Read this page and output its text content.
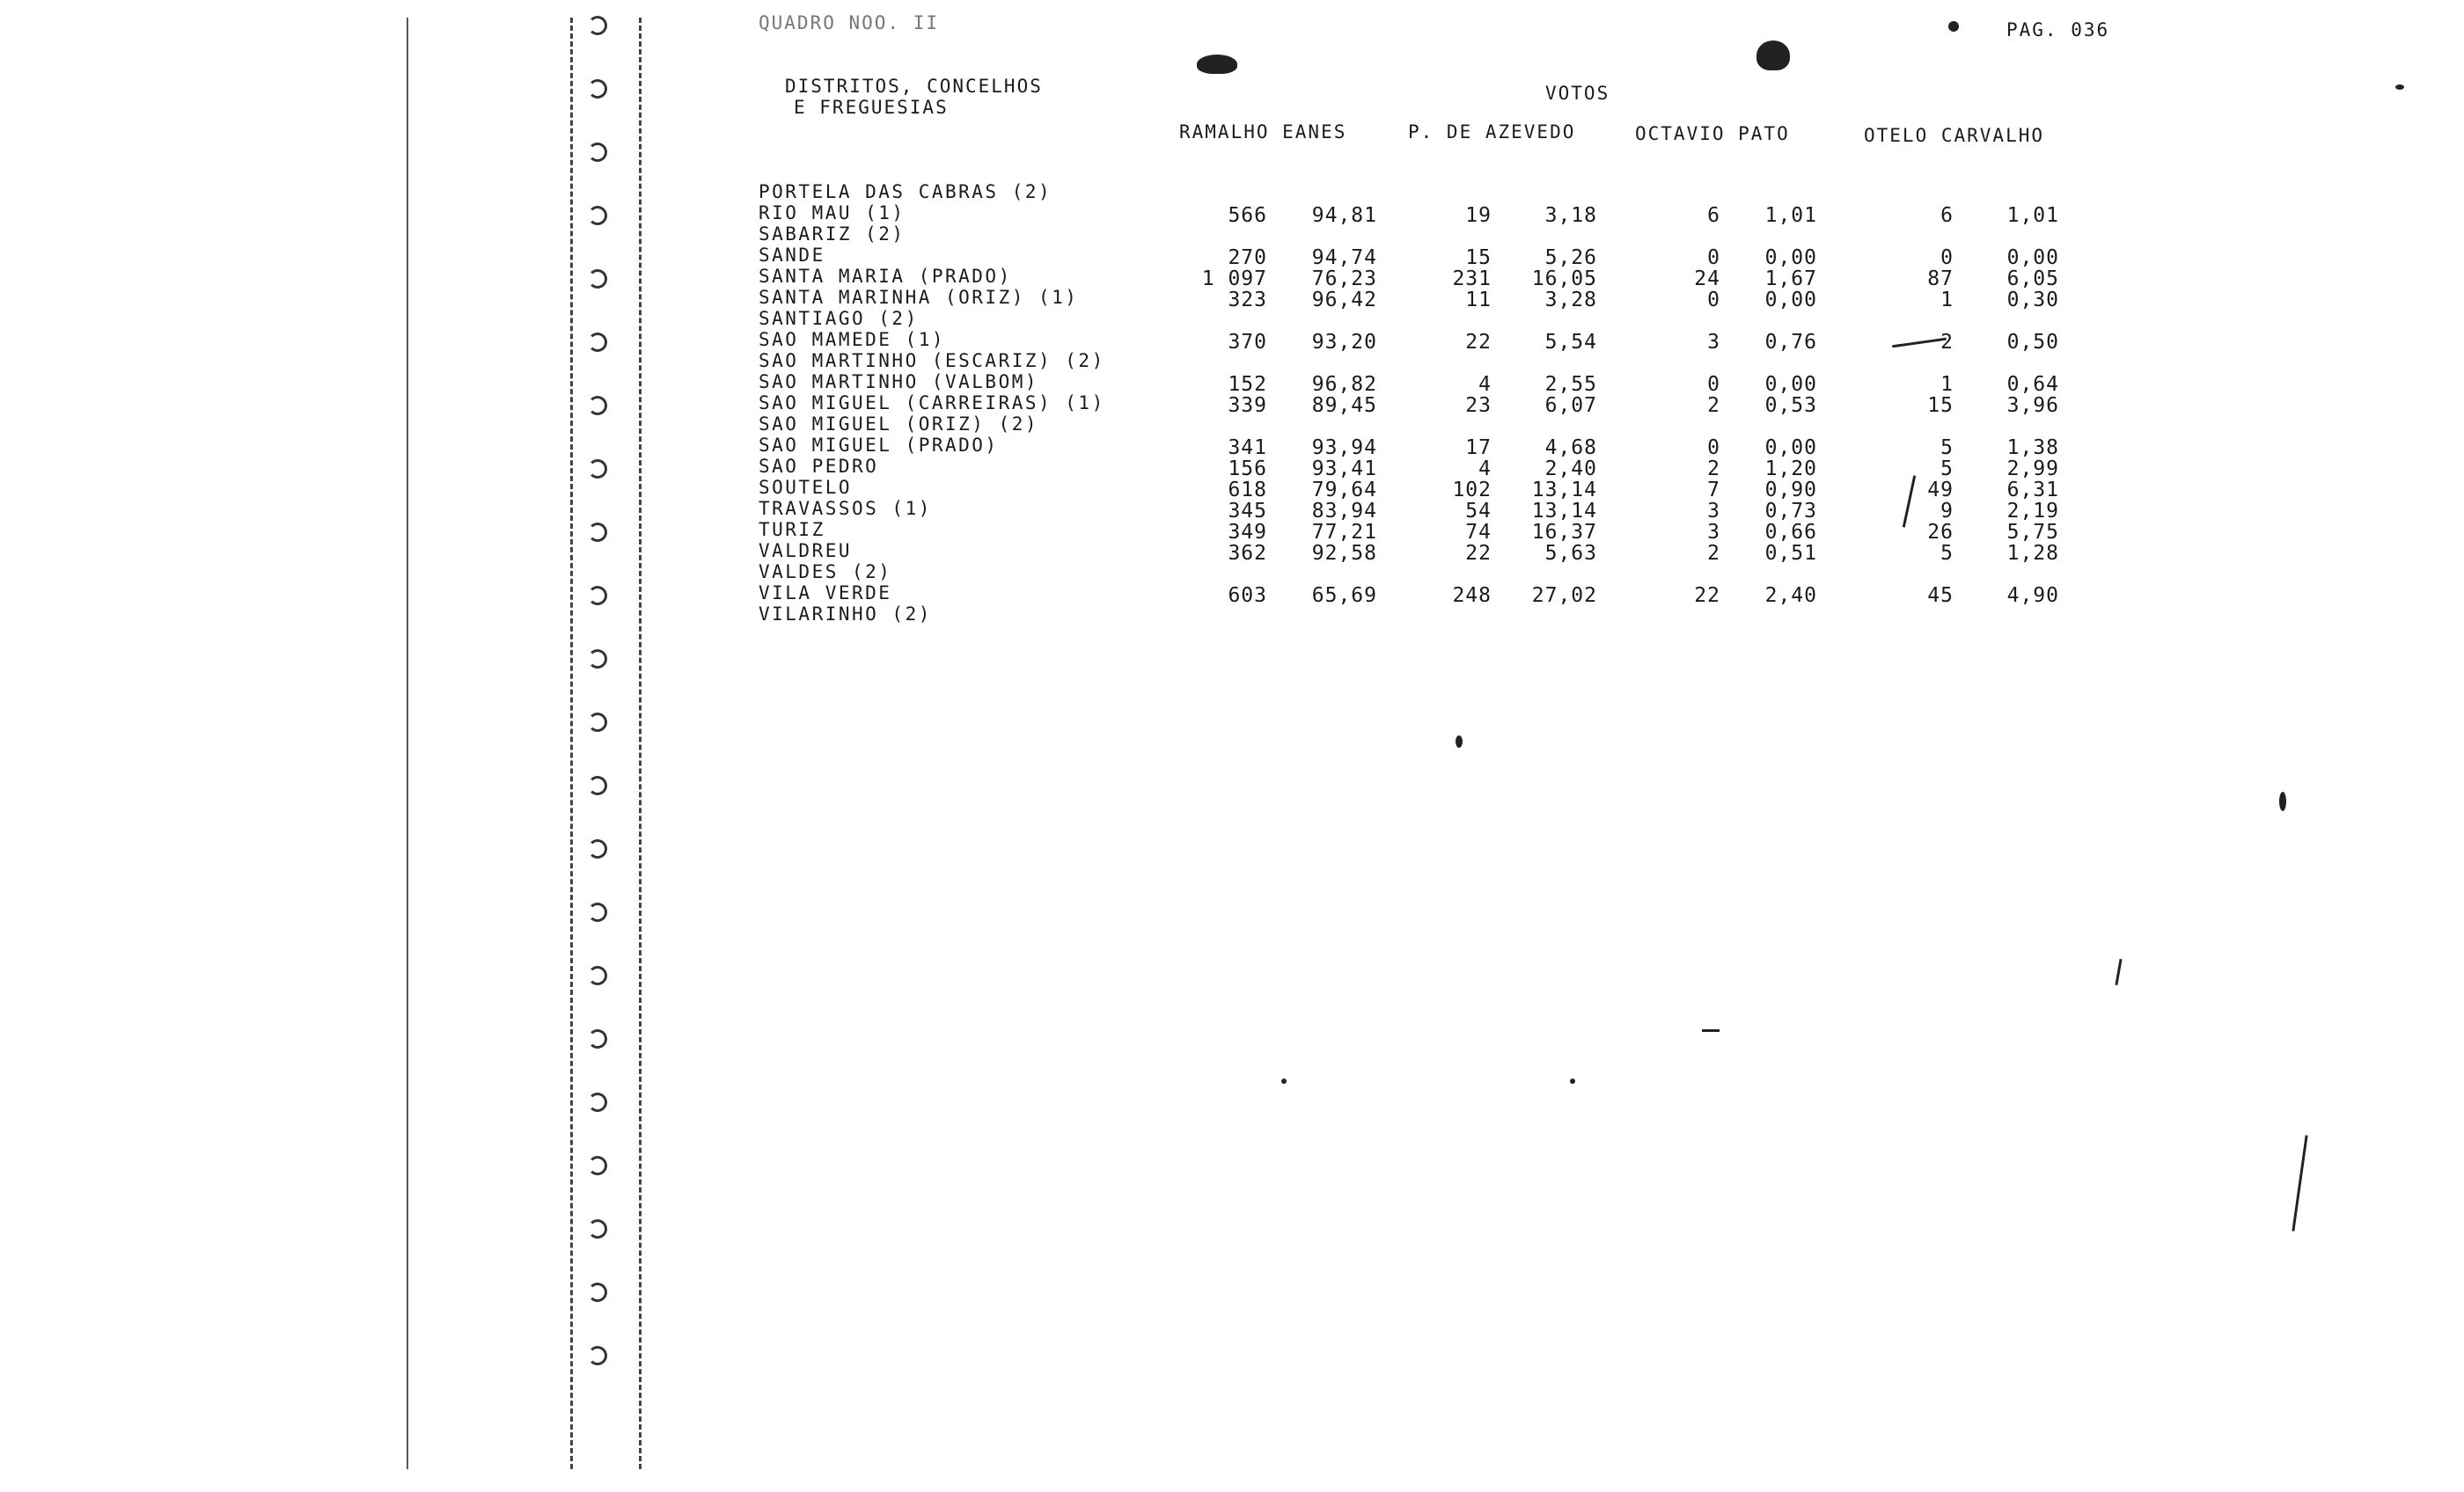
QUADRO NOO. II	PAG. 036
DISTRITOS, CONCELHOS
E FREGUESIAS
VOTOS
RAMALHO EANES	P. DE AZEVEDO	OCTAVIO PATO	OTELO CARVALHO
PORTELA DAS CABRAS (2)
RIO MAU (1)	566	94,81	19	3,18	6	1,01	6	1,01
SABARIZ (2)
SANDE	270	94,74	15	5,26	0	0,00	0	0,00
SANTA MARIA (PRADO)	1 097	76,23	231	16,05	24	1,67	87	6,05
SANTA MARINHA (ORIZ) (1)	323	96,42	11	3,28	0	0,00	1	0,30
SANTIAGO (2)
SAO MAMEDE (1)	370	93,20	22	5,54	3	0,76	2	0,50
SAO MARTINHO (ESCARIZ) (2)
SAO MARTINHO (VALBOM)	152	96,82	4	2,55	0	0,00	1	0,64
SAO MIGUEL (CARREIRAS) (1)	339	89,45	23	6,07	2	0,53	15	3,96
SAO MIGUEL (ORIZ) (2)
SAO MIGUEL (PRADO)	341	93,94	17	4,68	0	0,00	5	1,38
SAO PEDRO	156	93,41	4	2,40	2	1,20	5	2,99
SOUTELO	618	79,64	102	13,14	7	0,90	49	6,31
TRAVASSOS (1)	345	83,94	54	13,14	3	0,73	9	2,19
TURIZ	349	77,21	74	16,37	3	0,66	26	5,75
VALDREU	362	92,58	22	5,63	2	0,51	5	1,28
VALDES (2)
VILA VERDE	603	65,69	248	27,02	22	2,40	45	4,90
VILARINHO (2)
